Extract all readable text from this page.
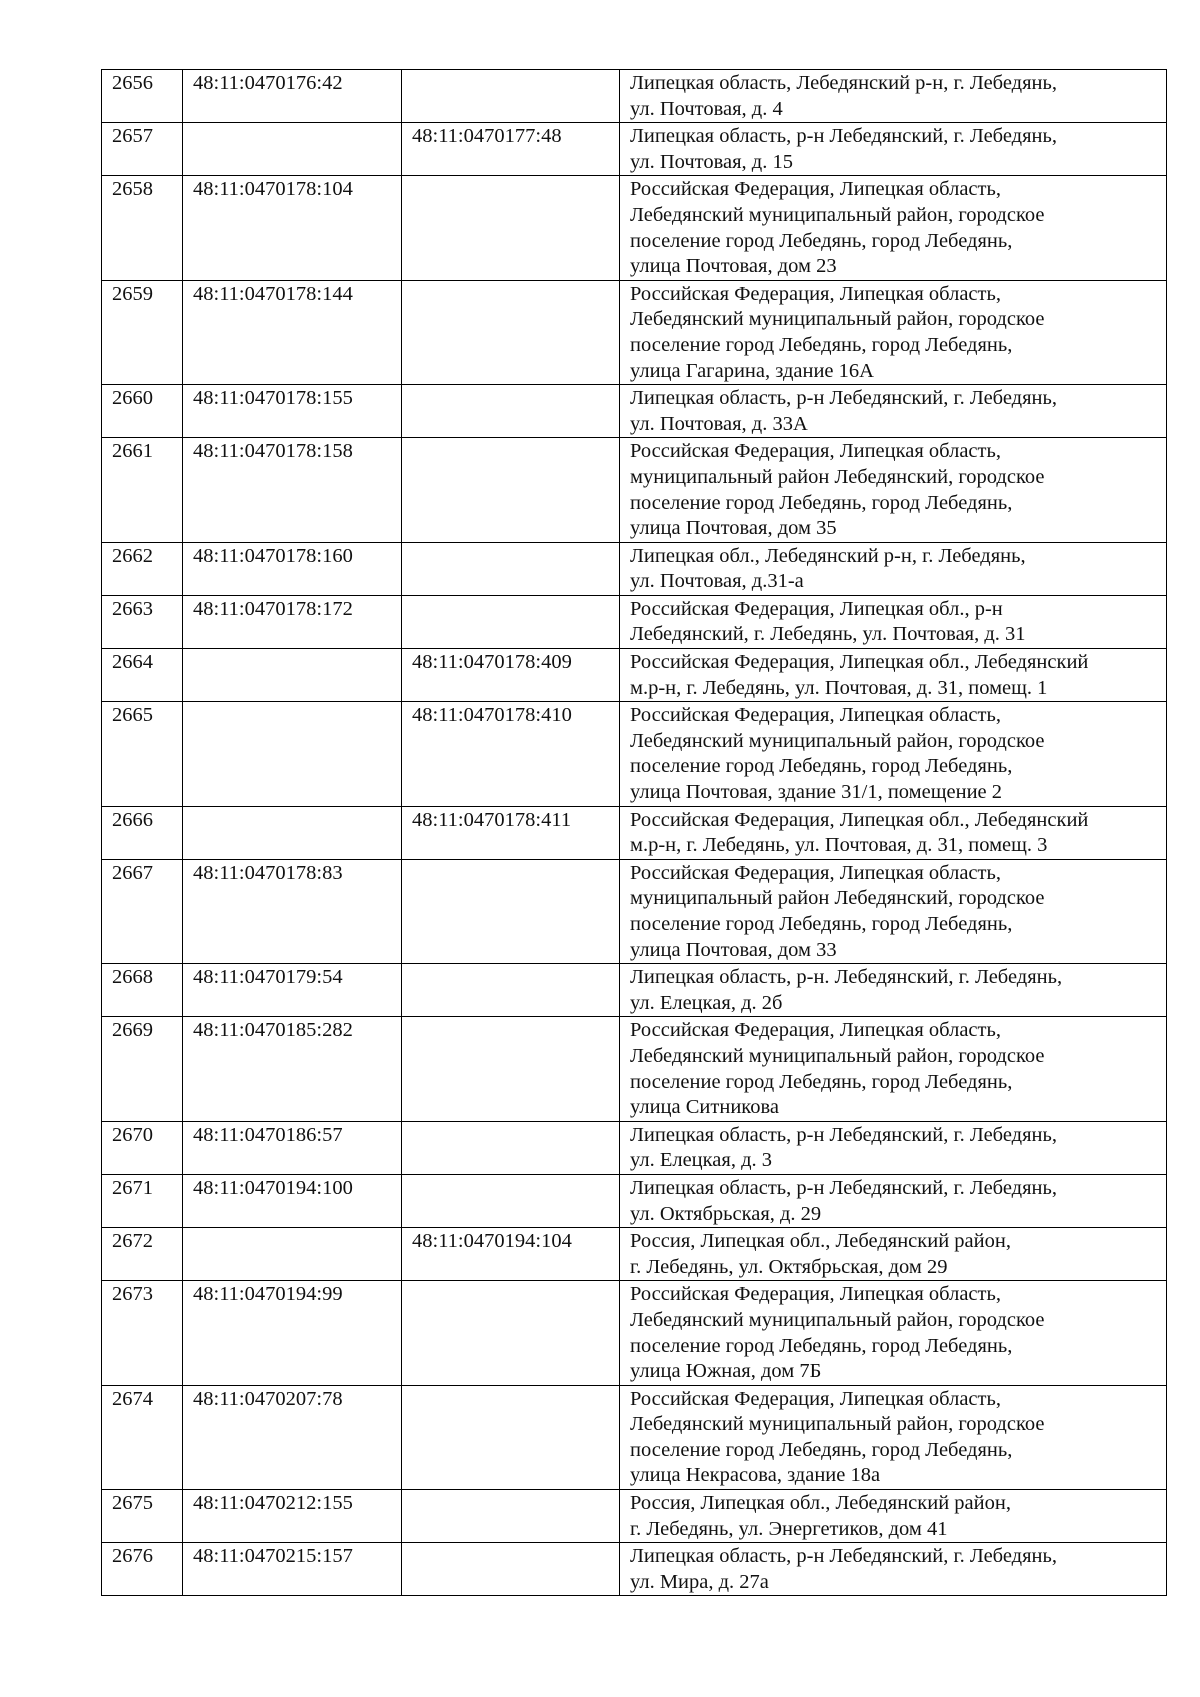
2656	48:11:0470176:42		Липецкая область, Лебедянский р-н, г. Лебедянь,
ул. Почтовая, д. 4
2657		48:11:0470177:48	Липецкая область, р-н Лебедянский, г. Лебедянь,
ул. Почтовая, д. 15
2658	48:11:0470178:104		Российская Федерация, Липецкая область,
Лебедянский муниципальный район, городское
поселение город Лебедянь, город Лебедянь,
улица Почтовая, дом 23
2659	48:11:0470178:144		Российская Федерация, Липецкая область,
Лебедянский муниципальный район, городское
поселение город Лебедянь, город Лебедянь,
улица Гагарина, здание 16А
2660	48:11:0470178:155		Липецкая область, р-н Лебедянский, г. Лебедянь,
ул. Почтовая, д. 33А
2661	48:11:0470178:158		Российская Федерация, Липецкая область,
муниципальный район Лебедянский, городское
поселение город Лебедянь, город Лебедянь,
улица Почтовая, дом 35
2662	48:11:0470178:160		Липецкая обл., Лебедянский р-н, г. Лебедянь,
ул. Почтовая, д.31-а
2663	48:11:0470178:172		Российская Федерация, Липецкая обл., р-н
Лебедянский, г. Лебедянь, ул. Почтовая, д. 31
2664		48:11:0470178:409	Российская Федерация, Липецкая обл., Лебедянский
м.р-н, г. Лебедянь, ул. Почтовая, д. 31, помещ. 1
2665		48:11:0470178:410	Российская Федерация, Липецкая область,
Лебедянский муниципальный район, городское
поселение город Лебедянь, город Лебедянь,
улица Почтовая, здание 31/1, помещение 2
2666		48:11:0470178:411	Российская Федерация, Липецкая обл., Лебедянский
м.р-н, г. Лебедянь, ул. Почтовая, д. 31, помещ. 3
2667	48:11:0470178:83		Российская Федерация, Липецкая область,
муниципальный район Лебедянский, городское
поселение город Лебедянь, город Лебедянь,
улица Почтовая, дом 33
2668	48:11:0470179:54		Липецкая область, р-н. Лебедянский, г. Лебедянь,
ул. Елецкая, д. 2б
2669	48:11:0470185:282		Российская Федерация, Липецкая область,
Лебедянский муниципальный район, городское
поселение город Лебедянь, город Лебедянь,
улица Ситникова
2670	48:11:0470186:57		Липецкая область, р-н Лебедянский, г. Лебедянь,
ул. Елецкая, д. 3
2671	48:11:0470194:100		Липецкая область, р-н Лебедянский, г. Лебедянь,
ул. Октябрьская, д. 29
2672		48:11:0470194:104	Россия, Липецкая обл., Лебедянский район,
г. Лебедянь, ул. Октябрьская, дом 29
2673	48:11:0470194:99		Российская Федерация, Липецкая область,
Лебедянский муниципальный район, городское
поселение город Лебедянь, город Лебедянь,
улица Южная, дом 7Б
2674	48:11:0470207:78		Российская Федерация, Липецкая область,
Лебедянский муниципальный район, городское
поселение город Лебедянь, город Лебедянь,
улица Некрасова, здание 18а
2675	48:11:0470212:155		Россия, Липецкая обл., Лебедянский район,
г. Лебедянь, ул. Энергетиков, дом 41
2676	48:11:0470215:157		Липецкая область, р-н Лебедянский, г. Лебедянь,
ул. Мира, д. 27а
